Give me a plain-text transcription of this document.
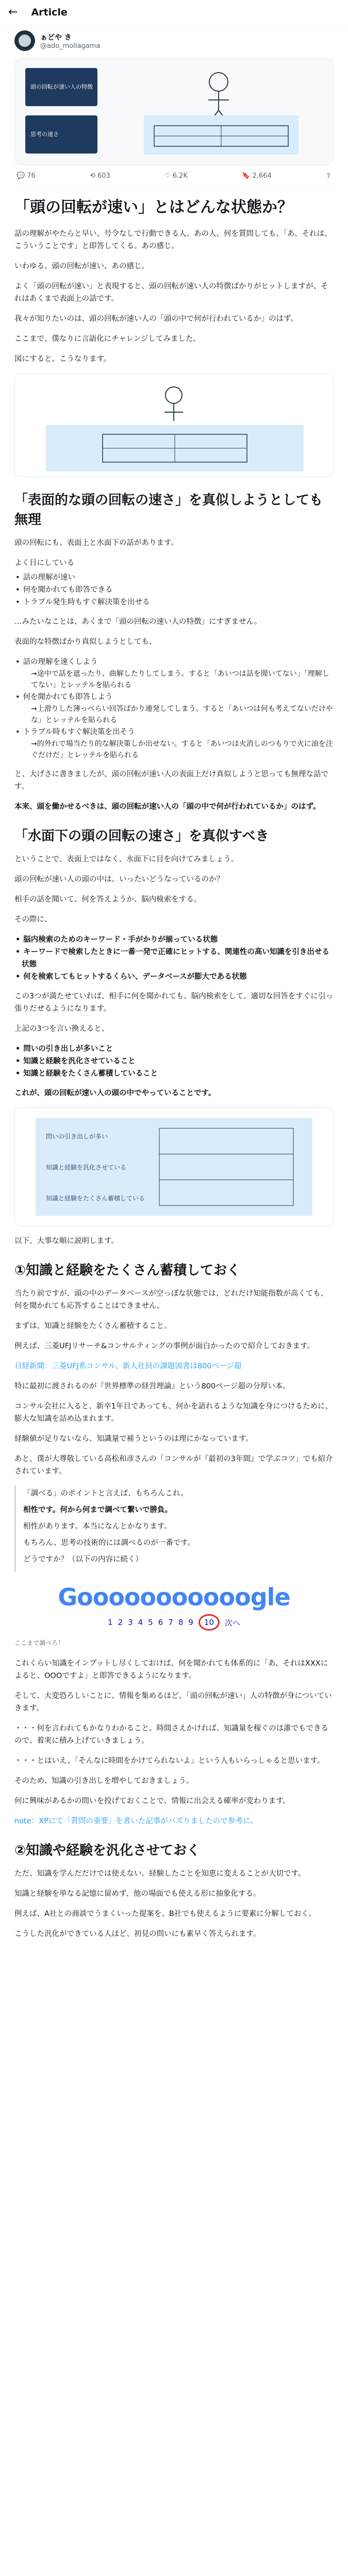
← Article
ぁどや き
@ado_mollagama
頭の回転が速い人の特徴
思考の速さ
💬 76	⟲ 603	♡ 6.2K	🔖 2,664	⇪
「頭の回転が速い」とはどんな状態か？

話の理解がやたらと早い、号令なしで行動できる人、あの人、何を質問しても、「あ、それは、こういうことです」と即答してくる。あの感じ。

いわゆる、頭の回転が速い、あの感じ。

よく「頭の回転が速い」と表現すると、頭の回転が速い人の特徴ばかりがヒットしますが、それはあくまで表面上の話です。

我々が知りたいのは、頭の回転が速い人の「頭の中で何が行われているか」のはず。

ここまで、僕なりに言語化にチャレンジしてみました。

図にすると、こうなります。

「表面的な頭の回転の速さ」を真似しようとしても無理

頭の回転にも、表面上と水面下の話があります。

よく目にしている

• 話の理解が速い
• 何を聞かれても即答できる
• トラブル発生時もすぐ解決策を出せる

…みたいなことは、あくまで「頭の回転の速い人の特徴」にすぎません。

表面的な特徴ばかり真似しようとしても、

• 話の理解を速くしよう

→途中で話を遮ったり、曲解したりしてしまう。すると「あいつは話を聞いてない」「理解してない」とレッテルを貼られる

• 何を聞かれても即答しよう

→上滑りした薄っぺらい回答ばかり連発してしまう。すると「あいつは何も考えてないだけやな」とレッテルを貼られる

• トラブル時もすぐ解決策を出そう

→的外れで場当たり的な解決策しか出せない。すると「あいつは火消しのつもりで火に油を注ぐだけだ」とレッテルを貼られる

と、大げさに書きましたが、頭の回転が速い人の表面上だけ真似しようと思っても無理な話です。

本来、頭を働かせるべきは、頭の回転が速い人の「頭の中で何が行われているか」のはず。

「水面下の頭の回転の速さ」を真似すべき

ということで、表面上ではなく、水面下に目を向けてみましょう。

頭の回転が速い人の頭の中は、いったいどうなっているのか？

相手の話を聞いて、何を答えようか、脳内検索をする。

その際に、

• 脳内検索のためのキーワード・手がかりが揃っている状態
• キーワードで検索したときに一番一発で正確にヒットする、関連性の高い知識を引き出せる状態
• 何を検索してもヒットするくらい、データベースが膨大である状態

この3つが満たせていれば、相手に何を聞かれても、脳内検索をして、適切な回答をすぐに引っ張りだせるようになります。

上記の3つを言い換えると、

• 問いの引き出しが多いこと
• 知識と経験を汎化させていること
• 知識と経験をたくさん蓄積していること

これが、頭の回転が速い人の頭の中でやっていることです。

問いの引き出しが多い
知識と経験を汎化させている
知識と経験をたくさん蓄積している

以下、大事な順に説明します。

①知識と経験をたくさん蓄積しておく

当たり前ですが、頭の中のデータベースが空っぽな状態では、どれだけ知能指数が高くても、何を聞かれても応答することはできません。

まずは、知識と経験をたくさん蓄積すること。

例えば、三菱UFJリサーチ&コンサルティングの事例が面白かったので紹介しておきます。

日経新聞：三菱UFJ系コンサル、新人社員の課題図書は800ページ超

特に最初に渡されるのが『世界標準の経営理論』という800ページ超の分厚い本。

コンサル会社に入ると、新卒1年目であっても、何かを語れるような知識を身につけるために、膨大な知識を詰め込まれます。

経験値が足りないなら、知識量で補うというのは理にかなっています。

あと、僕が大尊敬している高松和彦さんの「コンサルが『最初の3年間』で学ぶコツ」でも紹介されています。

「調べる」のポイントと言えば、もちろんこれ。

相性です。何から何まで調べて繋いで勝負。

相性があります。本当になんとかなります。

もちろん、思考の技術的には調べるのが一番です。

どうですか？（以下の内容に続く）

Gooooooooooogle
1 2 3 4 5 6 7 8 9	10	次へ

ここまで調べろ！

これくらい知識をインプットし尽くしておけば、何を聞かれても体系的に「あ、それはXXXによると、OOOですよ」と即答できるようになります。

そして、大変恐ろしいことに、情報を集めるほど、「頭の回転が速い」人の特徴が身についていきます。

・・・何を言われてもかなりわかること、時間さえかければ、知識量を稼ぐのは誰でもできるので、着実に積み上げていきましょう。

・・・とはいえ、「そんなに時間をかけてられないよ」という人もいらっしゃると思います。

そのため、知識の引き出しを増やしておきましょう。

何に興味があるかの問いを投げておくことで、情報に出会える確率が変わります。

note：XPにて「質問の重要」を書いた記事がバズりましたので参考に。

②知識や経験を汎化させておく

ただ、知識を学んだだけでは使えない。経験したことを知恵に変えることが大切です。

知識と経験を単なる記憶に留めず、他の場面でも使える形に抽象化する。

例えば、A社との商談でうまくいった提案を、B社でも使えるように要素に分解しておく。

こうした汎化ができている人ほど、初見の問いにも素早く答えられます。
